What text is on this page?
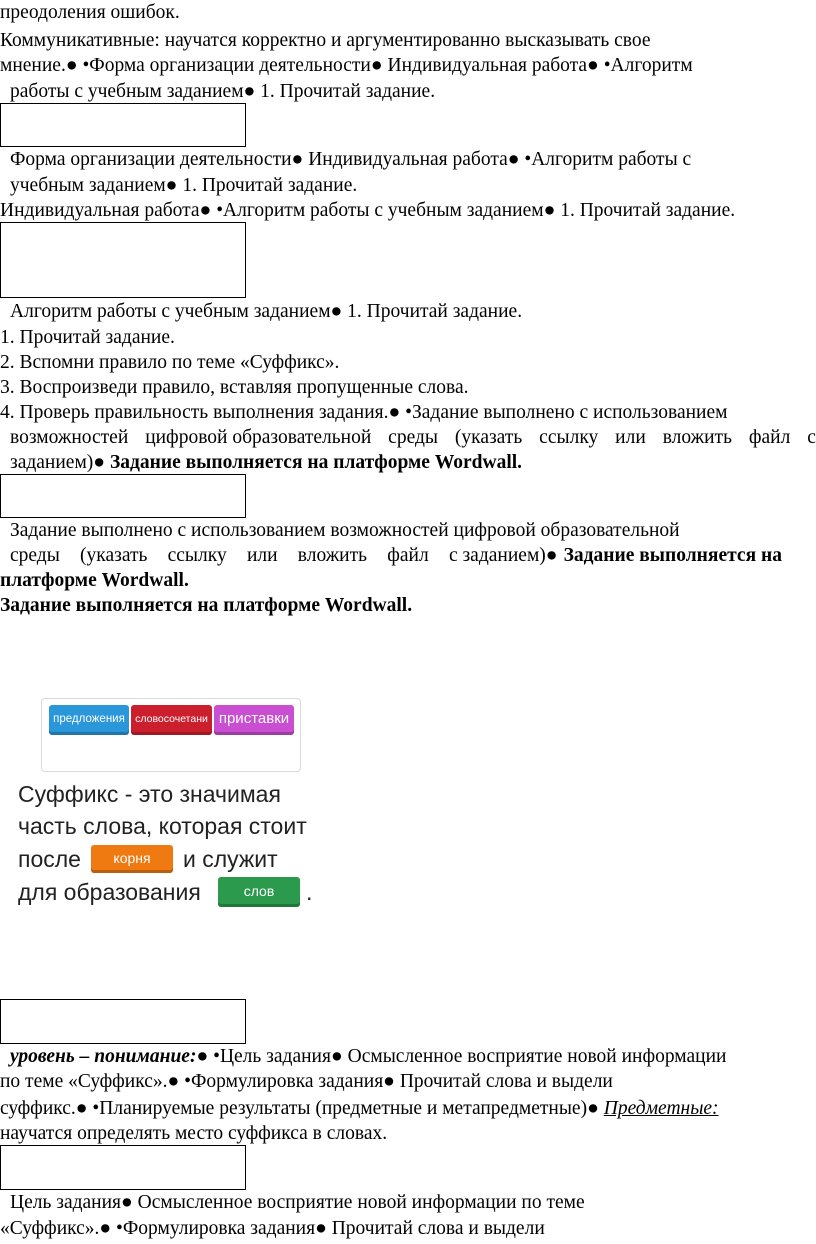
преодоления ошибок.
Коммуникативные: научатся корректно и аргументированно высказывать свое
мнение.● •Форма организации деятельности● Индивидуальная работа● •Алгоритм
работы с учебным заданием● 1. Прочитай задание.
Форма организации деятельности● Индивидуальная работа● •Алгоритм работы с
учебным заданием● 1. Прочитай задание.
Индивидуальная работа● •Алгоритм работы с учебным заданием● 1. Прочитай задание.
Алгоритм работы с учебным заданием● 1. Прочитай задание.
1. Прочитай задание.
2. Вспомни правило по теме «Суффикс».
3. Воспроизведи правило, вставляя пропущенные слова.
4. Проверь правильность выполнения задания.● •Задание выполнено с использованием
возможностей цифровой образовательной среды (указать ссылку или вложить файл с
заданием)● Задание выполняется на платформе Wordwall.
Задание выполнено с использованием возможностей цифровой образовательной
среды (указать ссылку или вложить файл с заданием)● Задание выполняется на
платформе Wordwall.
Задание выполняется на платформе Wordwall.
предложения словосочетани приставки
Суффикс - это значимая
часть слова, которая стоит
после	корня	и служит
для образования	слов	.
уровень – понимание:● •Цель задания● Осмысленное восприятие новой информации
по теме «Суффикс».● •Формулировка задания● Прочитай слова и выдели
суффикс.● •Планируемые результаты (предметные и метапредметные)● Предметные:
научатся определять место суффикса в словах.
Цель задания● Осмысленное восприятие новой информации по теме
«Суффикс».● •Формулировка задания● Прочитай слова и выдели
